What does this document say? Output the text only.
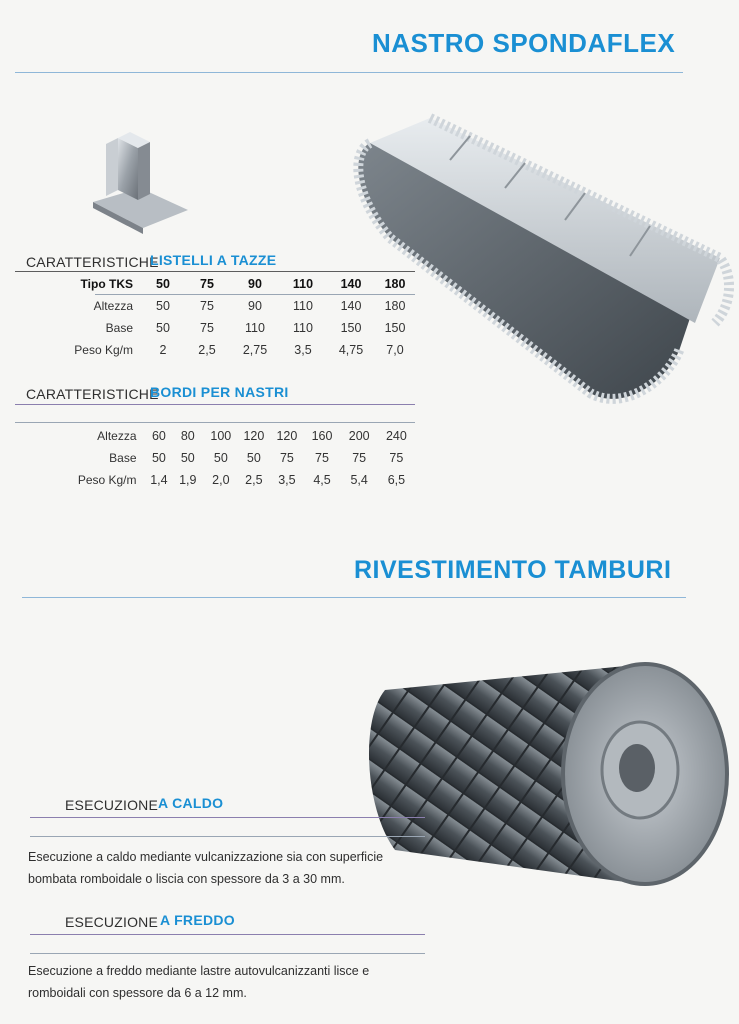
NASTRO SPONDAFLEX
CARATTERISTICHE
LISTELLI A TAZZE
Tipo TKS	50	75	90	110	140	180
Altezza	50	75	90	110	140	180
Base	50	75	110	110	150	150
Peso Kg/m	2	2,5	2,75	3,5	4,75	7,0
CARATTERISTICHE
BORDI PER NASTRI
Altezza	60	80	100	120	120	160	200	240
Base	50	50	50	50	75	75	75	75
Peso Kg/m	1,4	1,9	2,0	2,5	3,5	4,5	5,4	6,5
RIVESTIMENTO TAMBURI
ESECUZIONE A CALDO
Esecuzione a caldo mediante vulcanizzazione sia con superficie
bombata romboidale o liscia con spessore da 3 a 30 mm.
ESECUZIONE A FREDDO
Esecuzione a freddo mediante lastre autovulcanizzanti lisce e
romboidali con spessore da 6 a 12 mm.
